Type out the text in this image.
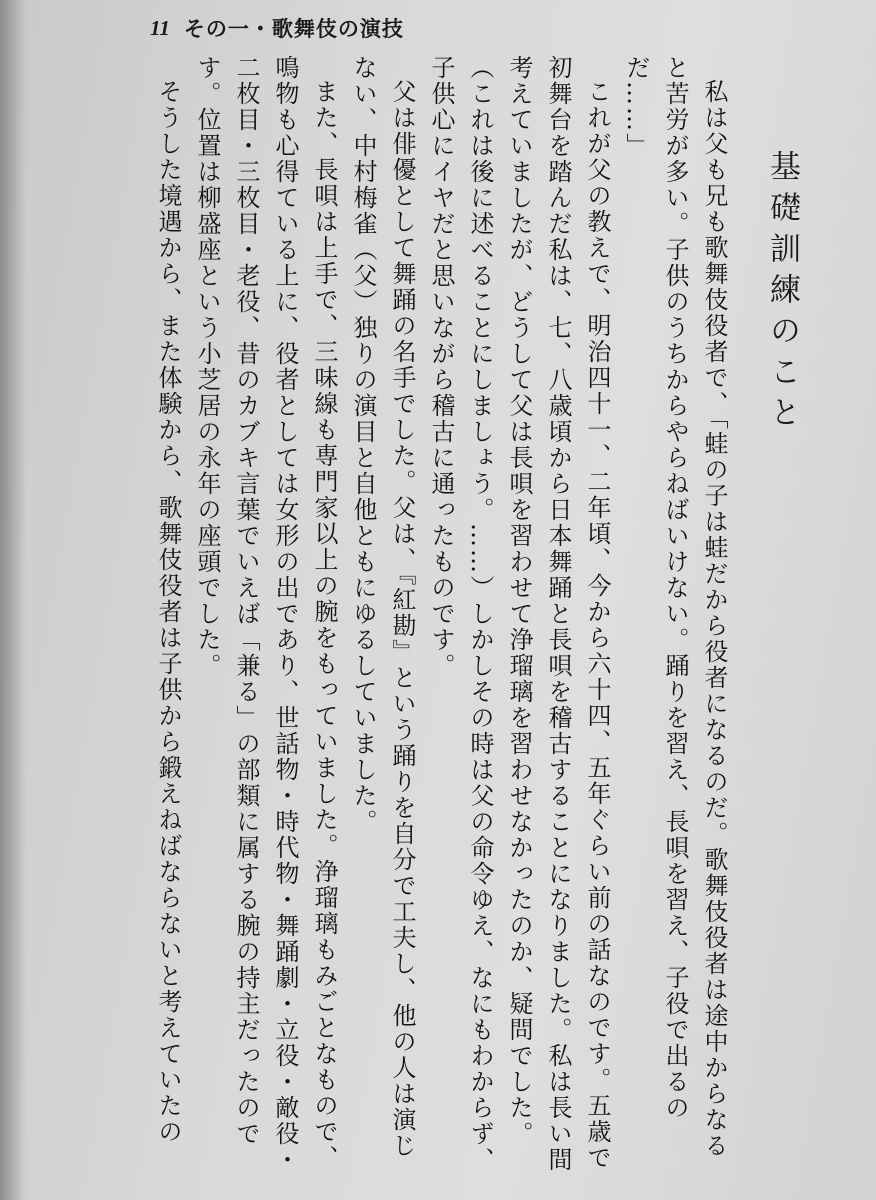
11 その一・歌舞伎の演技
基礎訓練のこと

私は父も兄も歌舞伎役者で、「蛙の子は蛙だから役者になるのだ。歌舞伎役者は途中からなると苦労が多い。子供のうちからやらねばいけない。踊りを習え、長唄を習え、子役で出るのだ……」

これが父の教えで、明治四十一、二年頃、今から六十四、五年ぐらい前の話なのです。五歳で初舞台を踏んだ私は、七、八歳頃から日本舞踊と長唄を稽古することになりました。私は長い間考えていましたが、どうして父は長唄を習わせて浄瑠璃を習わせなかったのか、疑問でした。（これは後に述べることにしましょう。……）しかしその時は父の命令ゆえ、なにもわからず、子供心にイヤだと思いながら稽古に通ったものです。

父は俳優として舞踊の名手でした。父は、『紅勘』という踊りを自分で工夫し、他の人は演じない、中村梅雀（父）独りの演目と自他ともにゆるしていました。

また、長唄は上手で、三味線も専門家以上の腕をもっていました。浄瑠璃もみごとなもので、鳴物も心得ている上に、役者としては女形の出であり、世話物・時代物・舞踊劇・立役・敵役・二枚目・三枚目・老役、昔のカブキ言葉でいえば「兼る」の部類に属する腕の持主だったのです。位置は柳盛座という小芝居の永年の座頭でした。

そうした境遇から、また体験から、歌舞伎役者は子供から鍛えねばならないと考えていたの
